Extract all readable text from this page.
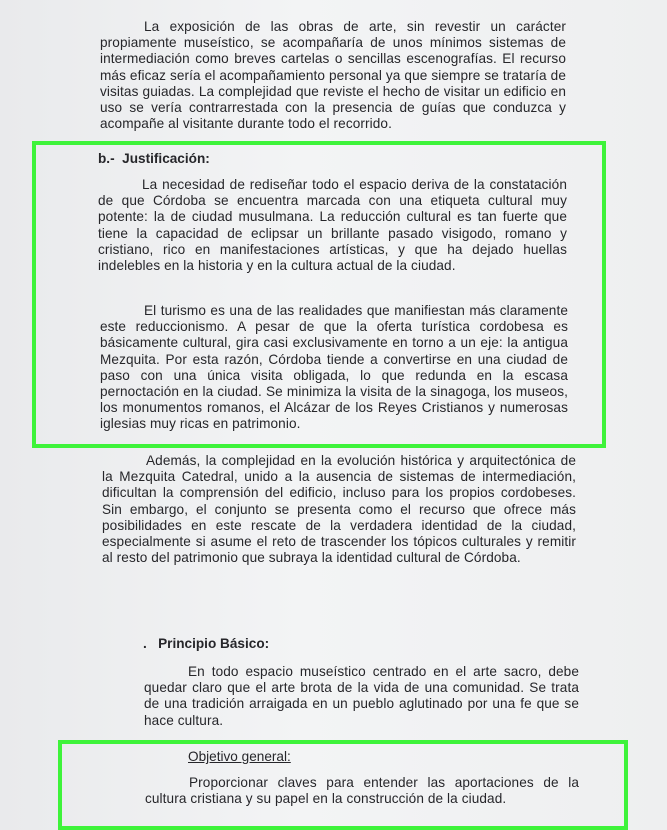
La exposición de las obras de arte, sin revestir un carácter propiamente museístico, se acompañaría de unos mínimos sistemas de intermediación como breves cartelas o sencillas escenografías. El recurso más eficaz sería el acompañamiento personal ya que siempre se trataría de visitas guiadas. La complejidad que reviste el hecho de visitar un edificio en uso se vería contrarrestada con la presencia de guías que conduzca y acompañe al visitante durante todo el recorrido.

b.-  Justificación:

La necesidad de rediseñar todo el espacio deriva de la constatación de que Córdoba se encuentra marcada con una etiqueta cultural muy potente: la de ciudad musulmana. La reducción cultural es tan fuerte que tiene la capacidad de eclipsar un brillante pasado visigodo, romano y cristiano, rico en manifestaciones artísticas, y que ha dejado huellas indelebles en la historia y en la cultura actual de la ciudad.

El turismo es una de las realidades que manifiestan más claramente este reduccionismo. A pesar de que la oferta turística cordobesa es básicamente cultural, gira casi exclusivamente en torno a un eje: la antigua Mezquita. Por esta razón, Córdoba tiende a convertirse en una ciudad de paso con una única visita obligada, lo que redunda en la escasa pernoctación en la ciudad. Se minimiza la visita de la sinagoga, los museos, los monumentos romanos, el Alcázar de los Reyes Cristianos y numerosas iglesias muy ricas en patrimonio.

Además, la complejidad en la evolución histórica y arquitectónica de la Mezquita Catedral, unido a la ausencia de sistemas de intermediación, dificultan la comprensión del edificio, incluso para los propios cordobeses. Sin embargo, el conjunto se presenta como el recurso que ofrece más posibilidades en este rescate de la verdadera identidad de la ciudad, especialmente si asume el reto de trascender los tópicos culturales y remitir al resto del patrimonio que subraya la identidad cultural de Córdoba.

.   Principio Básico:

En todo espacio museístico centrado en el arte sacro, debe quedar claro que el arte brota de la vida de una comunidad. Se trata de una tradición arraigada en un pueblo aglutinado por una fe que se hace cultura.

Objetivo general:

Proporcionar claves para entender las aportaciones de la cultura cristiana y su papel en la construcción de la ciudad.
